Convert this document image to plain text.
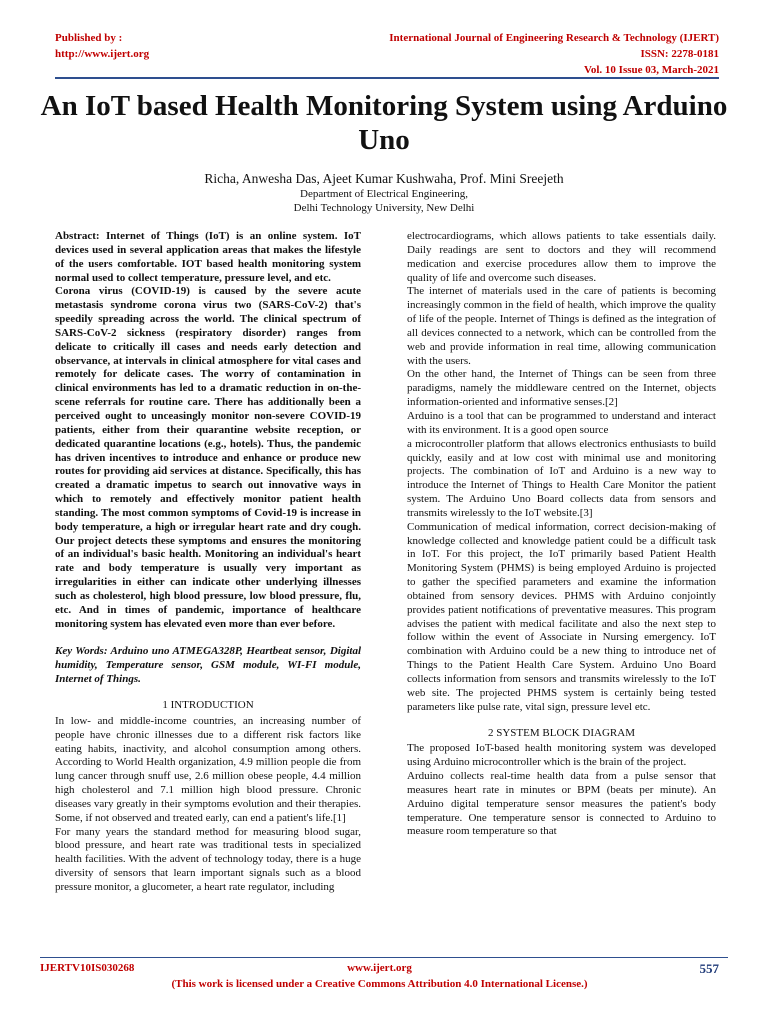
Published by :
http://www.ijert.org
International Journal of Engineering Research & Technology (IJERT)
ISSN: 2278-0181
Vol. 10 Issue 03, March-2021
An IoT based Health Monitoring System using Arduino Uno
Richa, Anwesha Das, Ajeet Kumar Kushwaha, Prof. Mini Sreejeth
Department of Electrical Engineering,
Delhi Technology University, New Delhi

Abstract: Internet of Things (IoT) is an online system. IoT devices used in several application areas that makes the lifestyle of the users comfortable. IOT based health monitoring system normal used to collect temperature, pressure level, and etc.

Corona virus (COVID-19) is caused by the severe acute metastasis syndrome corona virus two (SARS-CoV-2) that's speedily spreading across the world. The clinical spectrum of SARS-CoV-2 sickness (respiratory disorder) ranges from delicate to critically ill cases and needs early detection and observance, at intervals in clinical atmosphere for vital cases and remotely for delicate cases. The worry of contamination in clinical environments has led to a dramatic reduction in on-the-scene referrals for routine care. There has additionally been a perceived ought to unceasingly monitor non-severe COVID-19 patients, either from their quarantine website reception, or dedicated quarantine locations (e.g., hotels). Thus, the pandemic has driven incentives to introduce and enhance or produce new routes for providing aid services at distance. Specifically, this has created a dramatic impetus to search out innovative ways in which to remotely and effectively monitor patient health standing. The most common symptoms of Covid-19 is increase in body temperature, a high or irregular heart rate and dry cough. Our project detects these symptoms and ensures the monitoring of an individual's basic health. Monitoring an individual's heart rate and body temperature is usually very important as irregularities in either can indicate other underlying illnesses such as cholesterol, high blood pressure, low blood pressure, flu, etc. And in times of pandemic, importance of healthcare monitoring system has elevated even more than ever before.

Key Words: Arduino uno ATMEGA328P, Heartbeat sensor, Digital humidity, Temperature sensor, GSM module, WI-FI module, Internet of Things.

1 INTRODUCTION

In low- and middle-income countries, an increasing number of people have chronic illnesses due to a different risk factors like eating habits, inactivity, and alcohol consumption among others. According to World Health organization, 4.9 million people die from lung cancer through snuff use, 2.6 million obese people, 4.4 million high cholesterol and 7.1 million high blood pressure. Chronic diseases vary greatly in their symptoms evolution and their therapies. Some, if not observed and treated early, can end a patient's life.[1]

For many years the standard method for measuring blood sugar, blood pressure, and heart rate was traditional tests in specialized health facilities. With the advent of technology today, there is a huge diversity of sensors that learn important signals such as a blood pressure monitor, a glucometer, a heart rate regulator, including

electrocardiograms, which allows patients to take essentials daily. Daily readings are sent to doctors and they will recommend medication and exercise procedures allow them to improve the quality of life and overcome such diseases.

The internet of materials used in the care of patients is becoming increasingly common in the field of health, which improve the quality of life of the people. Internet of Things is defined as the integration of all devices connected to a network, which can be controlled from the web and provide information in real time, allowing communication with the users.

On the other hand, the Internet of Things can be seen from three paradigms, namely the middleware centred on the Internet, objects information-oriented and informative senses.[2]

Arduino is a tool that can be programmed to understand and interact with its environment. It is a good open source

a microcontroller platform that allows electronics enthusiasts to build quickly, easily and at low cost with minimal use and monitoring projects. The combination of IoT and Arduino is a new way to introduce the Internet of Things to Health Care Monitor the patient system. The Arduino Uno Board collects data from sensors and transmits wirelessly to the IoT website.[3]

Communication of medical information, correct decision-making of knowledge collected and knowledge patient could be a difficult task in IoT. For this project, the IoT primarily based Patient Health Monitoring System (PHMS) is being employed Arduino is projected to gather the specified parameters and examine the information obtained from sensory devices. PHMS with Arduino conjointly provides patient notifications of preventative measures. This program advises the patient with medical facilitate and also the next step to follow within the event of Associate in Nursing emergency. IoT combination with Arduino could be a new thing to introduce net of Things to the Patient Health Care System. Arduino Uno Board collects information from sensors and transmits wirelessly to the IoT web site. The projected PHMS system is certainly being tested parameters like pulse rate, vital sign, pressure level etc.

2 SYSTEM BLOCK DIAGRAM

The proposed IoT-based health monitoring system was developed using Arduino microcontroller which is the brain of the project.

Arduino collects real-time health data from a pulse sensor that measures heart rate in minutes or BPM (beats per minute). An Arduino digital temperature sensor measures the patient's body temperature. One temperature sensor is connected to Arduino to measure room temperature so that

IJERTV10IS030268	www.ijert.org	557
(This work is licensed under a Creative Commons Attribution 4.0 International License.)
